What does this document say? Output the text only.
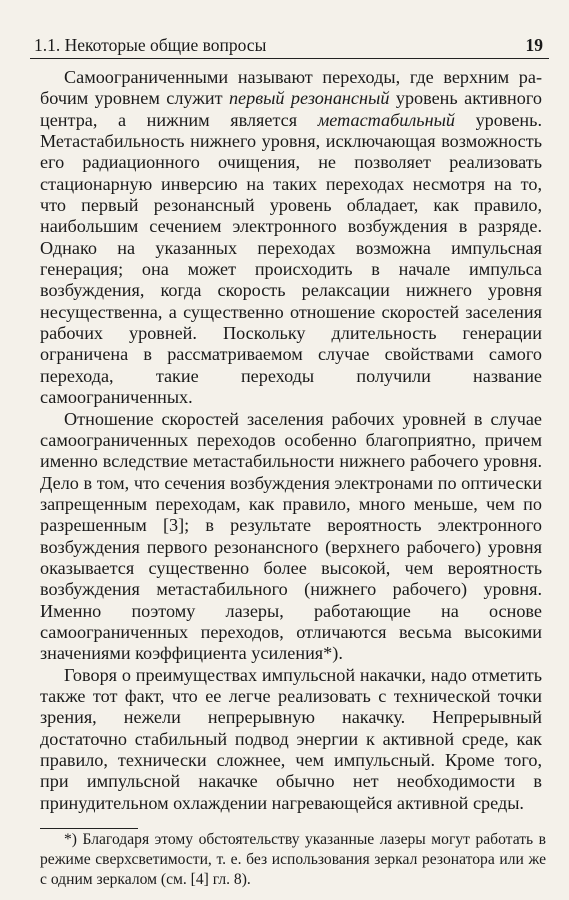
1.1. Некоторые общие вопросы	19

Самоограниченными называют переходы, где верхним рабочим уровнем служит первый резонансный уровень активного центра, а нижним является метастабильный уровень. Метастабильность нижнего уровня, исключающая возможность его радиационного очищения, не позволяет реализовать стационарную инверсию на таких переходах несмотря на то, что первый резонансный уровень обладает, как правило, наибольшим сечением электронного возбуждения в разряде. Однако на указанных переходах возможна импульсная генерация; она может происходить в начале импульса возбуждения, когда скорость релаксации нижнего уровня несущественна, а существенно отношение скоростей заселения рабочих уровней. Поскольку длительность генерации ограничена в рассматриваемом случае свойствами самого перехода, такие переходы получили название самоограниченных.

Отношение скоростей заселения рабочих уровней в случае самоограниченных переходов особенно благоприятно, причем именно вследствие метастабильности нижнего рабочего уровня. Дело в том, что сечения возбуждения электронами по оптически запрещенным переходам, как правило, много меньше, чем по разрешенным [3]; в результате вероятность электронного возбуждения первого резонансного (верхнего рабочего) уровня оказывается существенно более высокой, чем вероятность возбуждения метастабильного (нижнего рабочего) уровня. Именно поэтому лазеры, работающие на основе самоограниченных переходов, отличаются весьма высокими значениями коэффициента усиления*).

Говоря о преимуществах импульсной накачки, надо отметить также тот факт, что ее легче реализовать с технической точки зрения, нежели непрерывную накачку. Непрерывный достаточно стабильный подвод энергии к активной среде, как правило, технически сложнее, чем импульсный. Кроме того, при импульсной накачке обычно нет необходимости в принудительном охлаждении нагревающейся активной среды.

*) Благодаря этому обстоятельству указанные лазеры могут работать в режиме сверхсветимости, т. е. без использования зеркал резонатора или же с одним зеркалом (см. [4] гл. 8).
